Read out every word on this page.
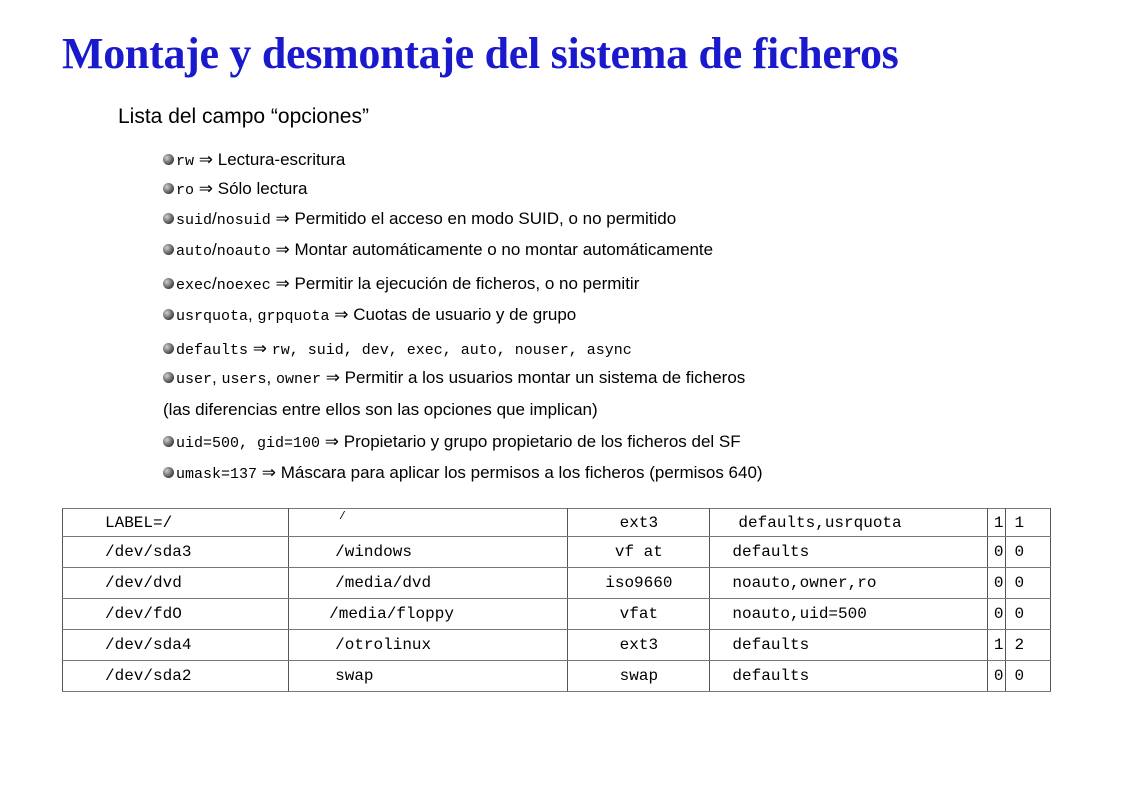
Montaje y desmontaje del sistema de ficheros
Lista del campo “opciones”
rw ⇒ Lectura-escritura
ro ⇒ Sólo lectura
suid/nosuid ⇒ Permitido el acceso en modo SUID, o no permitido
auto/noauto ⇒ Montar automáticamente o no montar automáticamente
exec/noexec ⇒ Permitir la ejecución de ficheros, o no permitir
usrquota, grpquota ⇒ Cuotas de usuario y de grupo
defaults ⇒ rw, suid, dev, exec, auto, nouser, async
user, users, owner ⇒ Permitir a los usuarios montar un sistema de ficheros
(las diferencias entre ellos son las opciones que implican)
uid=500, gid=100 ⇒ Propietario y grupo propietario de los ficheros del SF
umask=137 ⇒ Máscara para aplicar los permisos a los ficheros (permisos 640)
LABEL=/	/	ext3	defaults,usrquota	1	1
/dev/sda3	/windows	vf at	defaults	0	0
/dev/dvd	/media/dvd	iso9660	noauto,owner,ro	0	0
/dev/fdO	/media/floppy	vfat	noauto,uid=500	0	0
/dev/sda4	/otrolinux	ext3	defaults	1	2
/dev/sda2	swap	swap	defaults	0	0
